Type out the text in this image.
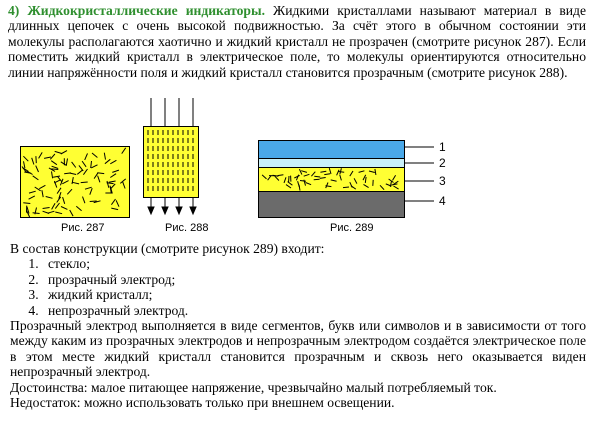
4) Жидкокристаллические индикаторы. Жидкими кристаллами называют материал в виде длинных цепочек с очень высокой подвижностью. За счёт этого в обычном состоянии эти молекулы располагаются хаотично и жидкий кристалл не прозрачен (смотрите рисунок 287). Если поместить жидкий кристалл в электрическое поле, то молекулы ориентируются относительно линии напряжённости поля и жидкий кристалл становится прозрачным (смотрите рисунок 288).
Рис. 287	Рис. 288
1
2
3
4
Рис. 289

В состав конструкции (смотрите рисунок 289) входит:

1. стекло;
2. прозрачный электрод;
3. жидкий кристалл;
4. непрозрачный электрод.

Прозрачный электрод выполняется в виде сегментов, букв или символов и в зависимости от того между каким из прозрачных электродов и непрозрачным электродом создаётся электрическое поле в этом месте жидкий кристалл становится прозрачным и сквозь него оказывается виден непрозрачный электрод.

Достоинства: малое питающее напряжение, чрезвычайно малый потребляемый ток.

Недостаток: можно использовать только при внешнем освещении.
